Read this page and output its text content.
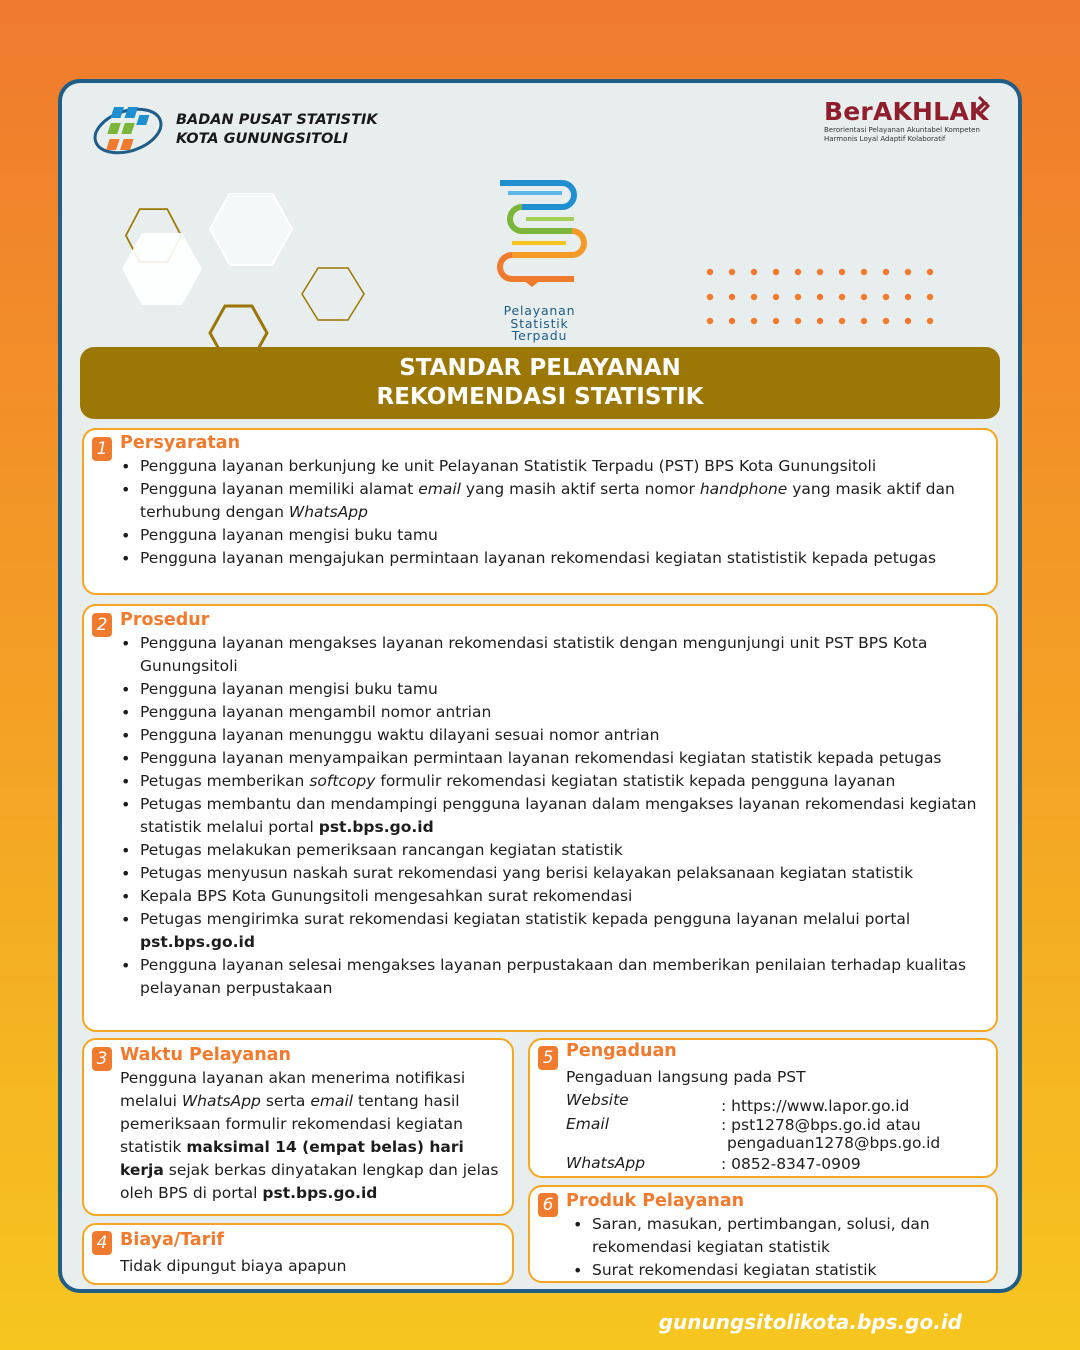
BADAN PUSAT STATISTIK
KOTA GUNUNGSITOLI
BerAKHLAK
Berorientasi Pelayanan Akuntabel Kompeten
Harmonis Loyal Adaptif Kolaboratif
Pelayanan
Statistik
Terpadu
STANDAR PELAYANAN
REKOMENDASI STATISTIK
1 Persyaratan
• Pengguna layanan berkunjung ke unit Pelayanan Statistik Terpadu (PST) BPS Kota Gunungsitoli
• Pengguna layanan memiliki alamat email yang masih aktif serta nomor handphone yang masik aktif dan terhubung dengan WhatsApp
• Pengguna layanan mengisi buku tamu
• Pengguna layanan mengajukan permintaan layanan rekomendasi kegiatan statististik kepada petugas
2 Prosedur
• Pengguna layanan mengakses layanan rekomendasi statistik dengan mengunjungi unit PST BPS Kota Gunungsitoli
• Pengguna layanan mengisi buku tamu
• Pengguna layanan mengambil nomor antrian
• Pengguna layanan menunggu waktu dilayani sesuai nomor antrian
• Pengguna layanan menyampaikan permintaan layanan rekomendasi kegiatan statistik kepada petugas
• Petugas memberikan softcopy formulir rekomendasi kegiatan statistik kepada pengguna layanan
• Petugas membantu dan mendampingi pengguna layanan dalam mengakses layanan rekomendasi kegiatan statistik melalui portal pst.bps.go.id
• Petugas melakukan pemeriksaan rancangan kegiatan statistik
• Petugas menyusun naskah surat rekomendasi yang berisi kelayakan pelaksanaan kegiatan statistik
• Kepala BPS Kota Gunungsitoli mengesahkan surat rekomendasi
• Petugas mengirimka surat rekomendasi kegiatan statistik kepada pengguna layanan melalui portal pst.bps.go.id
• Pengguna layanan selesai mengakses layanan perpustakaan dan memberikan penilaian terhadap kualitas pelayanan perpustakaan
3 Waktu Pelayanan
Pengguna layanan akan menerima notifikasi melalui WhatsApp serta email tentang hasil pemeriksaan formulir rekomendasi kegiatan statistik maksimal 14 (empat belas) hari kerja sejak berkas dinyatakan lengkap dan jelas oleh BPS di portal pst.bps.go.id
4 Biaya/Tarif
Tidak dipungut biaya apapun
5 Pengaduan
Pengaduan langsung pada PST
Website	: https://www.lapor.go.id
Email	: pst1278@bps.go.id atau
pengaduan1278@bps.go.id
WhatsApp	: 0852-8347-0909
6 Produk Pelayanan
• Saran, masukan, pertimbangan, solusi, dan rekomendasi kegiatan statistik
• Surat rekomendasi kegiatan statistik
gunungsitolikota.bps.go.id
